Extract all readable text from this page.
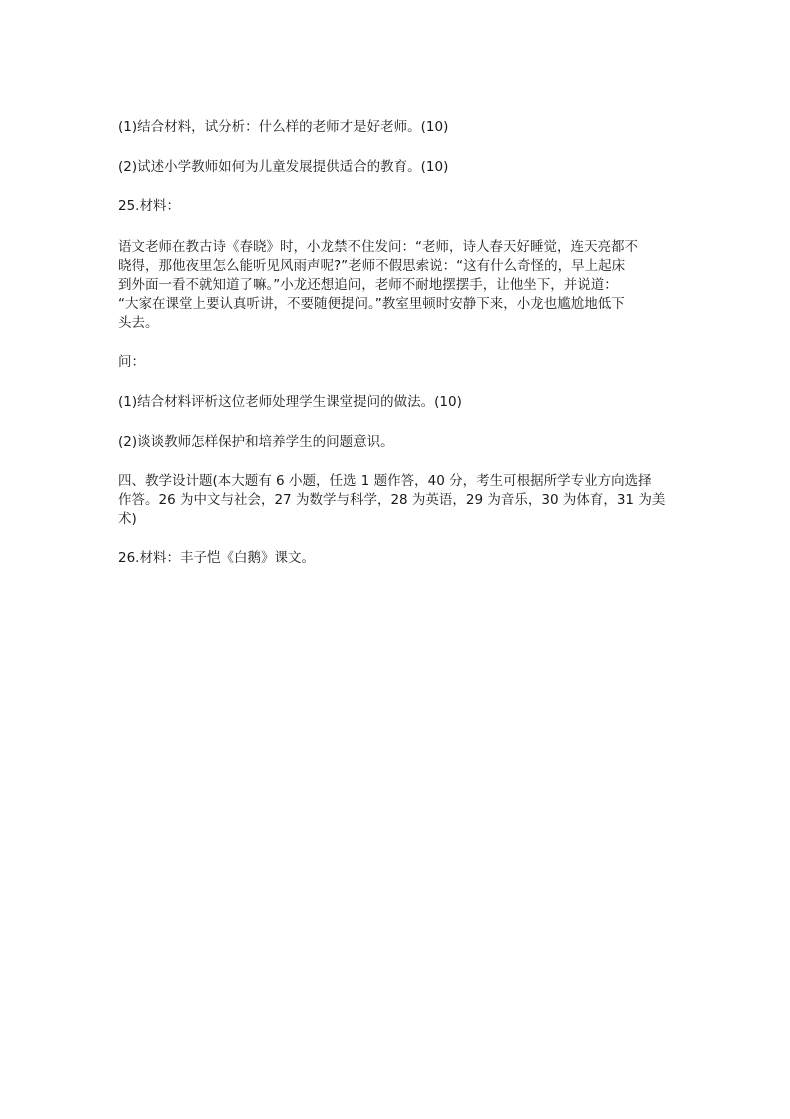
(1)结合材料，试分析：什么样的老师才是好老师。(10)

(2)试述小学教师如何为儿童发展提供适合的教育。(10)

25.材料：

语文老师在教古诗《春晓》时，小龙禁不住发问：“老师，诗人春天好睡觉，连天亮都不
晓得，那他夜里怎么能听见风雨声呢?”老师不假思索说：“这有什么奇怪的，早上起床
到外面一看不就知道了嘛。”小龙还想追问，老师不耐地摆摆手，让他坐下，并说道：
“大家在课堂上要认真听讲，不要随便提问。”教室里顿时安静下来，小龙也尴尬地低下
头去。

问：

(1)结合材料评析这位老师处理学生课堂提问的做法。(10)

(2)谈谈教师怎样保护和培养学生的问题意识。

四、教学设计题(本大题有 6 小题，任选 1 题作答，40 分，考生可根据所学专业方向选择
作答。26 为中文与社会，27 为数学与科学，28 为英语，29 为音乐，30 为体育，31 为美
术)

26.材料：丰子恺《白鹅》课文。
